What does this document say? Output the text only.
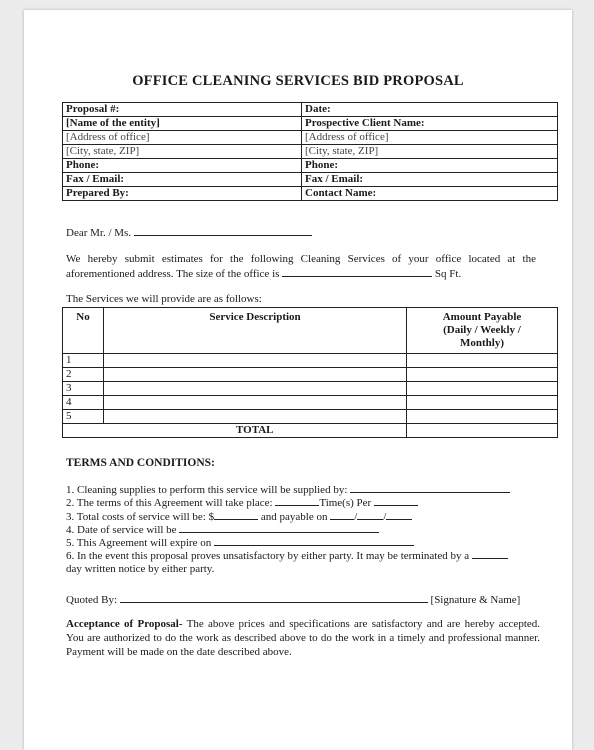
OFFICE CLEANING SERVICES BID PROPOSAL
Proposal #:	Date:
[Name of the entity]	Prospective Client Name:
[Address of office]	[Address of office]
[City, state, ZIP]	[City, state, ZIP]
Phone:	Phone:
Fax / Email:	Fax / Email:
Prepared By:	Contact Name:
Dear Mr. / Ms.
We hereby submit estimates for the following Cleaning Services of your office located at the aforementioned address. The size of the office is	Sq Ft.
The Services we will provide are as follows:
No	Service Description	Amount Payable
(Daily / Weekly /
Monthly)
1		
2		
3		
4		
5		
	TOTAL	
TERMS AND CONDITIONS:
1. Cleaning supplies to perform this service will be supplied by:
2. The terms of this Agreement will take place:	Time(s) Per
3. Total costs of service will be: $	and payable on / /
4. Date of service will be
5. This Agreement will expire on
6. In the event this proposal proves unsatisfactory by either party. It may be terminated by a
day written notice by either party.
Quoted By:	[Signature & Name]
Acceptance of Proposal- The above prices and specifications are satisfactory and are hereby accepted. You are authorized to do the work as described above to do the work in a timely and professional manner. Payment will be made on the date described above.
